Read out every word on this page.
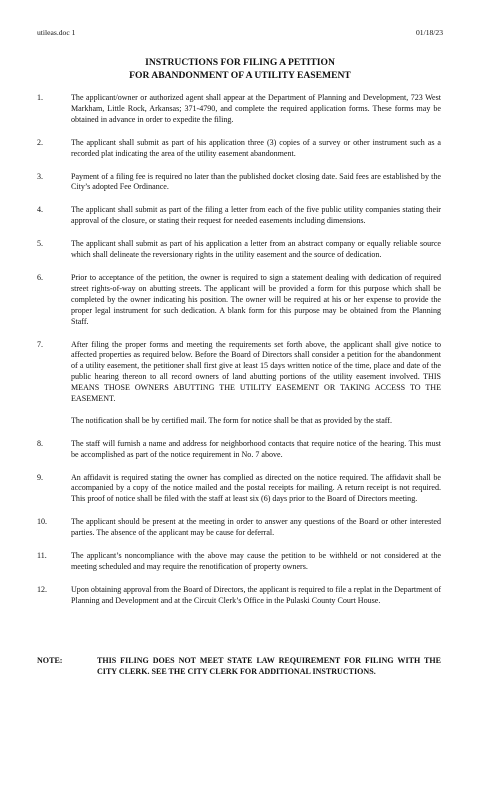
utileas.doc 1	01/18/23
INSTRUCTIONS FOR FILING A PETITION
FOR ABANDONMENT OF A UTILITY EASEMENT
1.	The applicant/owner or authorized agent shall appear at the Department of Planning and Development, 723 West Markham, Little Rock, Arkansas; 371-4790, and complete the required application forms. These forms may be obtained in advance in order to expedite the filing.

2.	The applicant shall submit as part of his application three (3) copies of a survey or other instrument such as a recorded plat indicating the area of the utility easement abandonment.

3.	Payment of a filing fee is required no later than the published docket closing date. Said fees are established by the City’s adopted Fee Ordinance.

4.	The applicant shall submit as part of the filing a letter from each of the five public utility companies stating their approval of the closure, or stating their request for needed easements including dimensions.

5.	The applicant shall submit as part of his application a letter from an abstract company or equally reliable source which shall delineate the reversionary rights in the utility easement and the source of dedication.

6.	Prior to acceptance of the petition, the owner is required to sign a statement dealing with dedication of required street rights-of-way on abutting streets. The applicant will be provided a form for this purpose which shall be completed by the owner indicating his position. The owner will be required at his or her expense to provide the proper legal instrument for such dedication. A blank form for this purpose may be obtained from the Planning Staff.

7.	After filing the proper forms and meeting the requirements set forth above, the applicant shall give notice to affected properties as required below. Before the Board of Directors shall consider a petition for the abandonment of a utility easement, the petitioner shall first give at least 15 days written notice of the time, place and date of the public hearing thereon to all record owners of land abutting portions of the utility easement involved. THIS MEANS THOSE OWNERS ABUTTING THE UTILITY EASEMENT OR TAKING ACCESS TO THE EASEMENT.

The notification shall be by certified mail. The form for notice shall be that as provided by the staff.

8.	The staff will furnish a name and address for neighborhood contacts that require notice of the hearing. This must be accomplished as part of the notice requirement in No. 7 above.

9.	An affidavit is required stating the owner has complied as directed on the notice required. The affidavit shall be accompanied by a copy of the notice mailed and the postal receipts for mailing. A return receipt is not required. This proof of notice shall be filed with the staff at least six (6) days prior to the Board of Directors meeting.

10.	The applicant should be present at the meeting in order to answer any questions of the Board or other interested parties. The absence of the applicant may be cause for deferral.

11.	The applicant’s noncompliance with the above may cause the petition to be withheld or not considered at the meeting scheduled and may require the renotification of property owners.

12.	Upon obtaining approval from the Board of Directors, the applicant is required to file a replat in the Department of Planning and Development and at the Circuit Clerk’s Office in the Pulaski County Court House.

NOTE:	THIS FILING DOES NOT MEET STATE LAW REQUIREMENT FOR FILING WITH THE CITY CLERK. SEE THE CITY CLERK FOR ADDITIONAL INSTRUCTIONS.
